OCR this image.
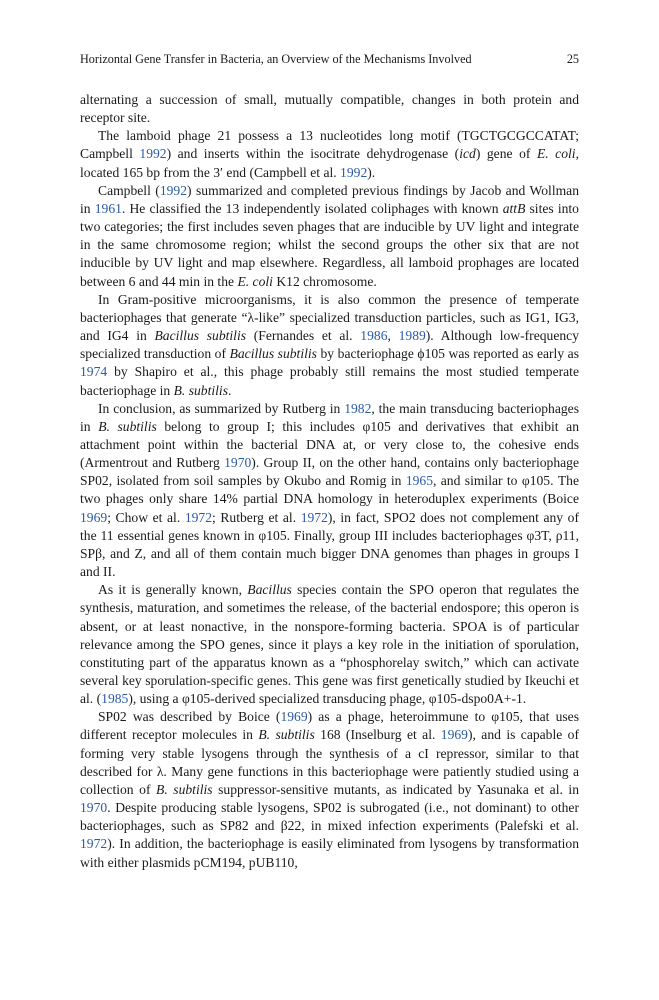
Horizontal Gene Transfer in Bacteria, an Overview of the Mechanisms Involved	25

alternating a succession of small, mutually compatible, changes in both protein and receptor site.

The lamboid phage 21 possess a 13 nucleotides long motif (TGCTGCGCCATAT; Campbell 1992) and inserts within the isocitrate dehydrogenase (icd) gene of E. coli, located 165 bp from the 3′ end (Campbell et al. 1992).

Campbell (1992) summarized and completed previous findings by Jacob and Wollman in 1961. He classified the 13 independently isolated coliphages with known attB sites into two categories; the first includes seven phages that are inducible by UV light and integrate in the same chromosome region; whilst the second groups the other six that are not inducible by UV light and map elsewhere. Regardless, all lamboid prophages are located between 6 and 44 min in the E. coli K12 chromosome.

In Gram-positive microorganisms, it is also common the presence of temperate bacteriophages that generate “λ-like” specialized transduction particles, such as IG1, IG3, and IG4 in Bacillus subtilis (Fernandes et al. 1986, 1989). Although low-frequency specialized transduction of Bacillus subtilis by bacteriophage ϕ105 was reported as early as 1974 by Shapiro et al., this phage probably still remains the most studied temperate bacteriophage in B. subtilis.

In conclusion, as summarized by Rutberg in 1982, the main transducing bacteriophages in B. subtilis belong to group I; this includes φ105 and derivatives that exhibit an attachment point within the bacterial DNA at, or very close to, the cohesive ends (Armentrout and Rutberg 1970). Group II, on the other hand, contains only bacteriophage SP02, isolated from soil samples by Okubo and Romig in 1965, and similar to φ105. The two phages only share 14% partial DNA homology in heteroduplex experiments (Boice 1969; Chow et al. 1972; Rutberg et al. 1972), in fact, SPO2 does not complement any of the 11 essential genes known in φ105. Finally, group III includes bacteriophages φ3T, ρ11, SPβ, and Z, and all of them contain much bigger DNA genomes than phages in groups I and II.

As it is generally known, Bacillus species contain the SPO operon that regulates the synthesis, maturation, and sometimes the release, of the bacterial endospore; this operon is absent, or at least nonactive, in the nonspore-forming bacteria. SPOA is of particular relevance among the SPO genes, since it plays a key role in the initiation of sporulation, constituting part of the apparatus known as a “phosphorelay switch,” which can activate several key sporulation-specific genes. This gene was first genetically studied by Ikeuchi et al. (1985), using a φ105-derived specialized transducing phage, φ105-dspo0A+-1.

SP02 was described by Boice (1969) as a phage, heteroimmune to φ105, that uses different receptor molecules in B. subtilis 168 (Inselburg et al. 1969), and is capable of forming very stable lysogens through the synthesis of a cI repressor, similar to that described for λ. Many gene functions in this bacteriophage were patiently studied using a collection of B. subtilis suppressor-sensitive mutants, as indicated by Yasunaka et al. in 1970. Despite producing stable lysogens, SP02 is subrogated (i.e., not dominant) to other bacteriophages, such as SP82 and β22, in mixed infection experiments (Palefski et al. 1972). In addition, the bacteriophage is easily eliminated from lysogens by transformation with either plasmids pCM194, pUB110,
